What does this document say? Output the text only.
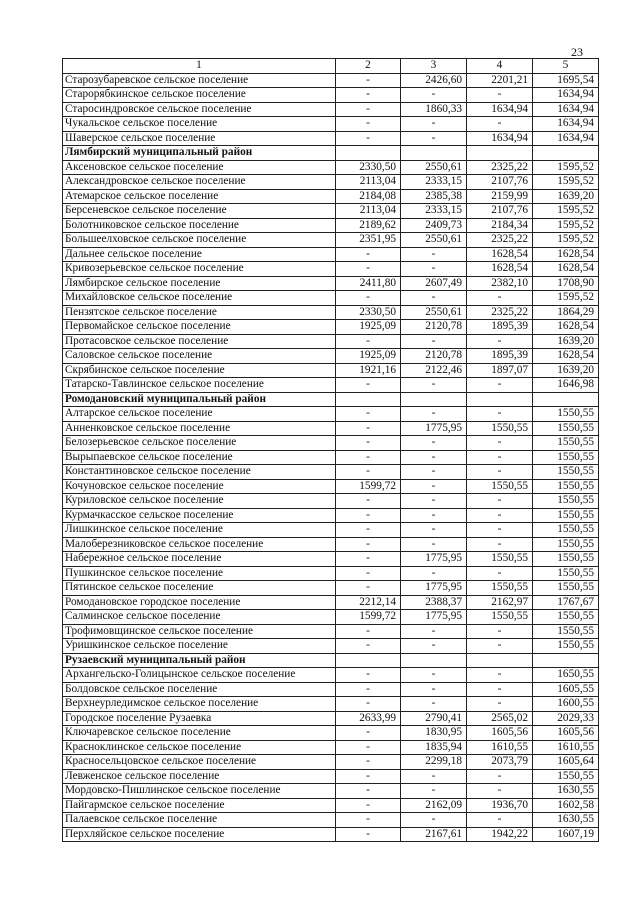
23
1	2	3	4	5
Старозубаревское сельское поселение	-	2426,60	2201,21	1695,54
Старорябкинское сельское поселение	-	-	-	1634,94
Старосиндровское сельское поселение	-	1860,33	1634,94	1634,94
Чукальское сельское поселение	-	-	-	1634,94
Шаверское сельское поселение	-	-	1634,94	1634,94
Лямбирский муниципальный район				
Аксеновское сельское поселение	2330,50	2550,61	2325,22	1595,52
Александровское сельское поселение	2113,04	2333,15	2107,76	1595,52
Атемарское сельское поселение	2184,08	2385,38	2159,99	1639,20
Берсеневское сельское поселение	2113,04	2333,15	2107,76	1595,52
Болотниковское сельское поселение	2189,62	2409,73	2184,34	1595,52
Большеелховское сельское поселение	2351,95	2550,61	2325,22	1595,52
Дальнее сельское поселение	-	-	1628,54	1628,54
Кривозерьевское сельское поселение	-	-	1628,54	1628,54
Лямбирское сельское поселение	2411,80	2607,49	2382,10	1708,90
Михайловское сельское поселение	-	-	-	1595,52
Пензятское сельское поселение	2330,50	2550,61	2325,22	1864,29
Первомайское сельское поселение	1925,09	2120,78	1895,39	1628,54
Протасовское сельское поселение	-	-	-	1639,20
Саловское сельское поселение	1925,09	2120,78	1895,39	1628,54
Скрябинское сельское поселение	1921,16	2122,46	1897,07	1639,20
Татарско-Тавлинское сельское поселение	-	-	-	1646,98
Ромодановский муниципальный район				
Алтарское сельское поселение	-	-	-	1550,55
Анненковское сельское поселение	-	1775,95	1550,55	1550,55
Белозерьевское сельское поселение	-	-	-	1550,55
Вырыпаевское сельское поселение	-	-	-	1550,55
Константиновское сельское поселение	-	-	-	1550,55
Кочуновское сельское поселение	1599,72	-	1550,55	1550,55
Куриловское сельское поселение	-	-	-	1550,55
Курмачкасское сельское поселение	-	-	-	1550,55
Лишкинское сельское поселение	-	-	-	1550,55
Малоберезниковское сельское поселение	-	-	-	1550,55
Набережное сельское поселение	-	1775,95	1550,55	1550,55
Пушкинское сельское поселение	-	-	-	1550,55
Пятинское сельское поселение	-	1775,95	1550,55	1550,55
Ромодановское городское поселение	2212,14	2388,37	2162,97	1767,67
Салминское сельское поселение	1599,72	1775,95	1550,55	1550,55
Трофимовщинское сельское поселение	-	-	-	1550,55
Уришкинское сельское поселение	-	-	-	1550,55
Рузаевский муниципальный район				
Архангельско-Голицынское сельское поселение	-	-	-	1650,55
Болдовское сельское поселение	-	-	-	1605,55
Верхнеурледимское сельское поселение	-	-	-	1600,55
Городское поселение Рузаевка	2633,99	2790,41	2565,02	2029,33
Ключаревское сельское поселение	-	1830,95	1605,56	1605,56
Красноклинское сельское поселение	-	1835,94	1610,55	1610,55
Красносельцовское сельское поселение	-	2299,18	2073,79	1605,64
Левженское сельское поселение	-	-	-	1550,55
Мордовско-Пишлинское сельское поселение	-	-	-	1630,55
Пайгармское сельское поселение	-	2162,09	1936,70	1602,58
Палаевское сельское поселение	-	-	-	1630,55
Перхляйское сельское поселение	-	2167,61	1942,22	1607,19
